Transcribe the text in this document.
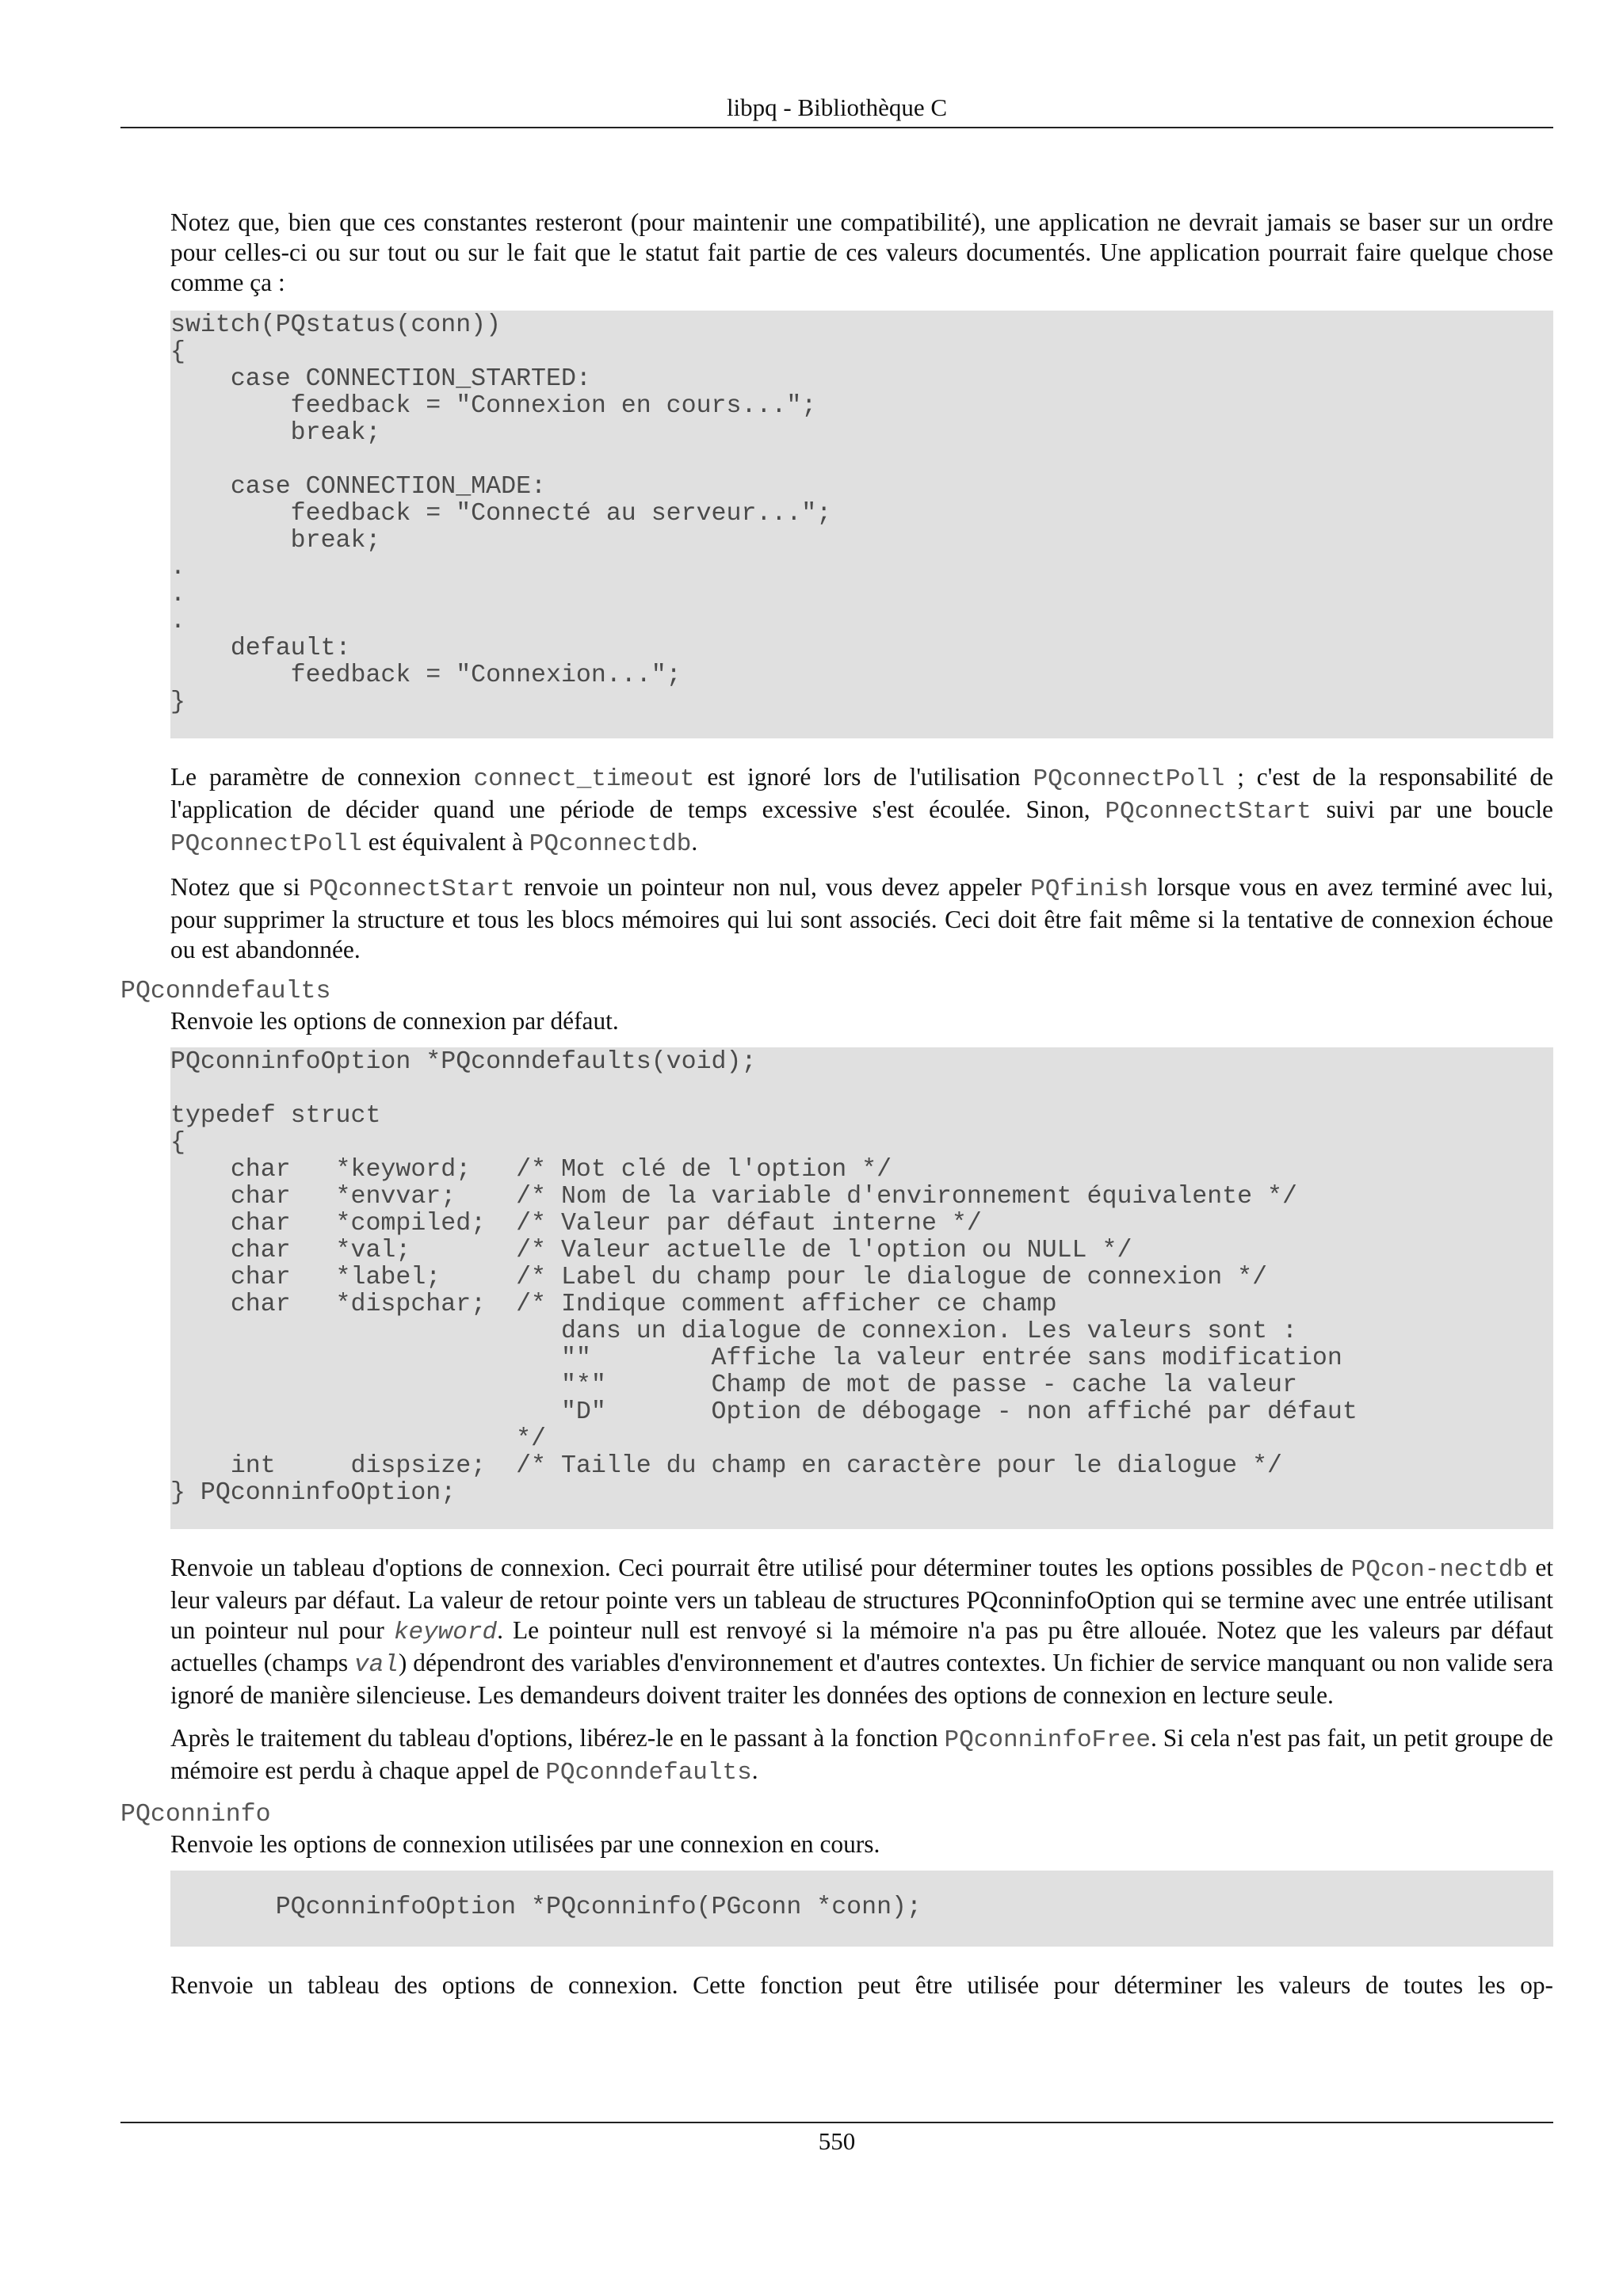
libpq - Bibliothèque C

Notez que, bien que ces constantes resteront (pour maintenir une compatibilité), une application ne devrait jamais se baser sur un ordre pour celles-ci ou sur tout ou sur le fait que le statut fait partie de ces valeurs documentés. Une application pourrait faire quelque chose comme ça :

switch(PQstatus(conn))
{
case CONNECTION_STARTED:
feedback = "Connexion en cours...";
break;

case CONNECTION_MADE:
feedback = "Connecté au serveur...";
break;
.
.
.
default:
feedback = "Connexion...";
}

Le paramètre de connexion connect_timeout est ignoré lors de l'utilisation PQconnectPoll ; c'est de la responsabilité de l'application de décider quand une période de temps excessive s'est écoulée. Sinon, PQconnectStart suivi par une boucle PQconnectPoll est équivalent à PQconnectdb.

Notez que si PQconnectStart renvoie un pointeur non nul, vous devez appeler PQfinish lorsque vous en avez terminé avec lui, pour supprimer la structure et tous les blocs mémoires qui lui sont associés. Ceci doit être fait même si la tentative de connexion échoue ou est abandonnée.

PQconndefaults

Renvoie les options de connexion par défaut.

PQconninfoOption *PQconndefaults(void);

typedef struct
{
char   *keyword;   /* Mot clé de l'option */
char   *envvar;    /* Nom de la variable d'environnement équivalente */
char   *compiled;  /* Valeur par défaut interne */
char   *val;       /* Valeur actuelle de l'option ou NULL */
char   *label;     /* Label du champ pour le dialogue de connexion */
char   *dispchar;  /* Indique comment afficher ce champ
dans un dialogue de connexion. Les valeurs sont :
""        Affiche la valeur entrée sans modification
"*"       Champ de mot de passe - cache la valeur
"D"       Option de débogage - non affiché par défaut
*/
int     dispsize;  /* Taille du champ en caractère pour le dialogue */
} PQconninfoOption;

Renvoie un tableau d'options de connexion. Ceci pourrait être utilisé pour déterminer toutes les options possibles de PQcon-nectdb et leur valeurs par défaut. La valeur de retour pointe vers un tableau de structures PQconninfoOption qui se termine avec une entrée utilisant un pointeur nul pour keyword. Le pointeur null est renvoyé si la mémoire n'a pas pu être allouée. Notez que les valeurs par défaut actuelles (champs val) dépendront des variables d'environnement et d'autres contextes. Un fichier de service manquant ou non valide sera ignoré de manière silencieuse. Les demandeurs doivent traiter les données des options de connexion en lecture seule.

Après le traitement du tableau d'options, libérez-le en le passant à la fonction PQconninfoFree. Si cela n'est pas fait, un petit groupe de mémoire est perdu à chaque appel de PQconndefaults.

PQconninfo

Renvoie les options de connexion utilisées par une connexion en cours.

PQconninfoOption *PQconninfo(PGconn *conn);

Renvoie un tableau des options de connexion. Cette fonction peut être utilisée pour déterminer les valeurs de toutes les op-

550
